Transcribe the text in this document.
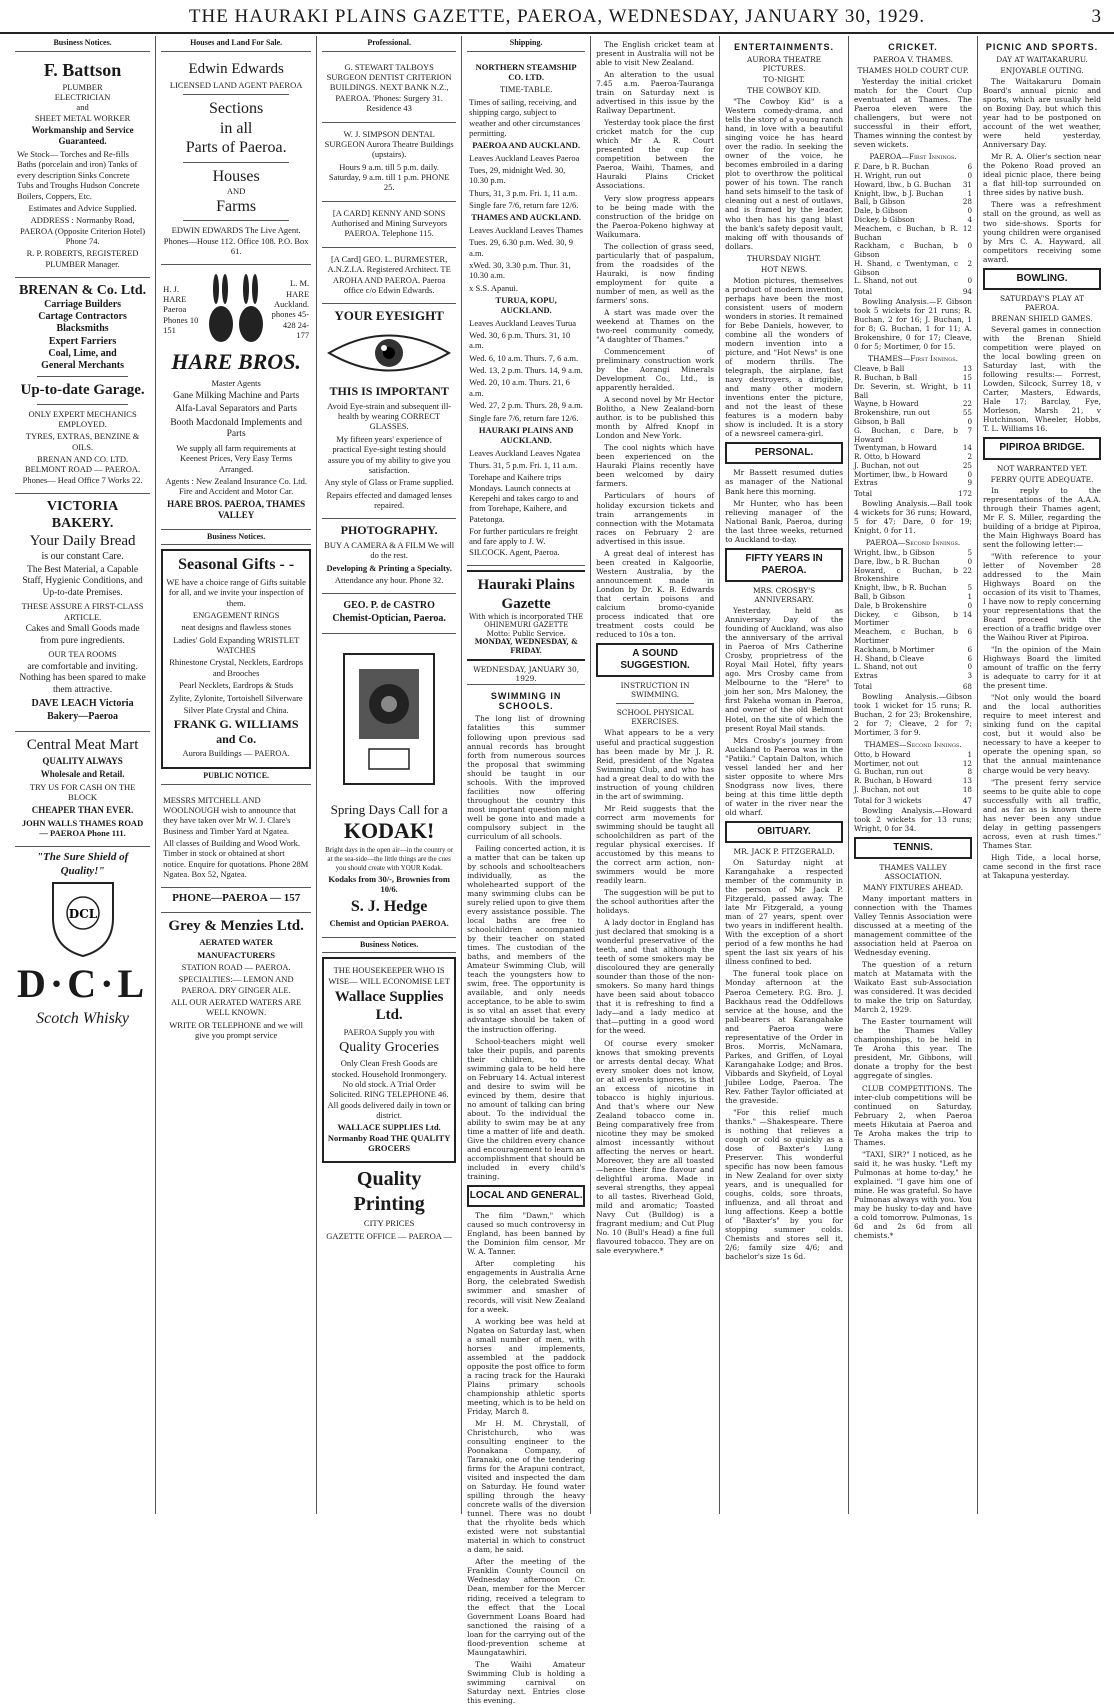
THE HAURAKI PLAINS GAZETTE, PAEROA, WEDNESDAY, JANUARY 30, 1929.	3
Business Notices.
F. Battson
PLUMBER
ELECTRICIAN
and
SHEET METAL WORKER

Workmanship and Service Guaranteed.

We Stock— Torches and Re-fills Baths (porcelain and iron) Tanks of every description Sinks Concrete Tubs and Troughs Hudson Concrete Boilers, Coppers, Etc.

Estimates and Advice Supplied.

ADDRESS : Normanby Road, PAEROA (Opposite Criterion Hotel) Phone 74.

R. P. ROBERTS, REGISTERED PLUMBER Manager.

BRENAN & Co. Ltd.
Carriage Builders
Cartage Contractors
Blacksmiths
Expert Farriers
Coal, Lime, and
General Merchants
Up-to-date Garage.

ONLY EXPERT MECHANICS EMPLOYED.

TYRES, EXTRAS, BENZINE & OILS.

BRENAN AND CO. LTD. BELMONT ROAD — PAEROA. Phones— Head Office 7 Works 22.

VICTORIA BAKERY.
Your Daily Bread
is our constant Care.

The Best Material, a Capable Staff, Hygienic Conditions, and Up-to-date Premises.

THESE ASSURE A FIRST-CLASS ARTICLE.

Cakes and Small Goods made from pure ingredients.

OUR TEA ROOMS

are comfortable and inviting. Nothing has been spared to make them attractive.

DAVE LEACH Victoria Bakery—Paeroa

Central Meat Mart

QUALITY ALWAYS

Wholesale and Retail.

TRY US FOR CASH ON THE BLOCK

CHEAPER THAN EVER.

JOHN WALLS THAMES ROAD — PAEROA Phone 111.

"The Sure Shield of Quality!"
DCL
D·C·L
Scotch Whisky
Houses and Land For Sale.
Edwin Edwards

LICENSED LAND AGENT PAEROA

Sections
in all
Parts of Paeroa.
Houses
AND
Farms

EDWIN EDWARDS The Live Agent. Phones—House 112. Office 108. P.O. Box 61.

H. J. HARE Paeroa Phones 10 151
L. M. HARE Auckland. phones 45-428 24-177
HARE BROS.

Master Agents

Gane Milking Machine and Parts

Alfa-Laval Separators and Parts

Booth Macdonald Implements and Parts

We supply all farm requirements at Keenest Prices, Very Easy Terms Arranged.

Agents : New Zealand Insurance Co. Ltd. Fire and Accident and Motor Car.

HARE BROS. PAEROA, THAMES VALLEY

Business Notices.
Seasonal Gifts - -

WE have a choice range of Gifts suitable for all, and we invite your inspection of them.

ENGAGEMENT RINGS

neat designs and flawless stones

Ladies' Gold Expanding WRISTLET WATCHES

Rhinestone Crystal, Necklets, Eardrops and Brooches

Pearl Necklets, Eardrops & Studs

Zylite, Zylonite, Tortoishell Silverware

Silver Plate Crystal and China.

FRANK G. WILLIAMS and Co.

Aurora Buildings — PAEROA.

PUBLIC NOTICE.

MESSRS MITCHELL AND WOOLNOUGH wish to announce that they have taken over Mr W. J. Clare's Business and Timber Yard at Ngatea.

All classes of Building and Wood Work. Timber in stock or obtained at short notice. Enquire for quotations. Phone 28M Ngatea. Box 52, Ngatea.

PHONE—PAEROA — 157
Grey & Menzies Ltd.

AERATED WATER

MANUFACTURERS

STATION ROAD — PAEROA.

SPECIALTIES:— LEMON AND PAEROA. DRY GINGER ALE.

ALL OUR AERATED WATERS ARE WELL KNOWN.

WRITE OR TELEPHONE and we will give you prompt service

Professional.

G. STEWART TALBOYS SURGEON DENTIST CRITERION BUILDINGS. NEXT BANK N.Z., PAEROA. 'Phones: Surgery 31. Residence 43

W. J. SIMPSON DENTAL SURGEON Aurora Theatre Buildings (upstairs).

Hours 9 a.m. till 5 p.m. daily. Saturday, 9 a.m. till 1 p.m. PHONE 25.

[A CARD] KENNY AND SONS Authorised and Mining Surveyors PAEROA. Telephone 115.

[A Card] GEO. L. BURMESTER, A.N.Z.I.A. Registered Architect. TE AROHA AND PAEROA. Paeroa office c/o Edwin Edwards.

YOUR EYESIGHT
THIS IS IMPORTANT

Avoid Eye-strain and subsequent ill-health by wearing CORRECT GLASSES.

My fifteen years' experience of practical Eye-sight testing should assure you of my ability to give you satisfaction.

Any style of Glass or Frame supplied.

Repairs effected and damaged lenses repaired.

PHOTOGRAPHY.

BUY A CAMERA & A FILM We will do the rest.

Developing & Printing a Specialty.

Attendance any hour. Phone 32.

GEO. P. de CASTRO Chemist-Optician, Paeroa.

Spring Days Call for a
KODAK!

Bright days in the open air—in the country or at the sea-side—the little things are the cues you should create with YOUR Kodak.

Kodaks from 30/-, Brownies from 10/6.

S. J. Hedge

Chemist and Optician PAEROA.

Business Notices.

THE HOUSEKEEPER WHO IS WISE— WILL ECONOMISE LET

Wallace Supplies Ltd.

PAEROA Supply you with

Quality Groceries

Only Clean Fresh Goods are stocked. Household Ironmongery. No old stock. A Trial Order Solicited. RING TELEPHONE 46. All goods delivered daily in town or district.

WALLACE SUPPLIES Ltd. Normanby Road THE QUALITY GROCERS

Quality Printing

CITY PRICES

GAZETTE OFFICE — PAEROA —

Shipping.

NORTHERN STEAMSHIP CO. LTD.

TIME-TABLE.

Times of sailing, receiving, and shipping cargo, subject to weather and other circumstances permitting.

PAEROA AND AUCKLAND.

Leaves Auckland Leaves Paeroa

Tues, 29, midnight Wed. 30, 10.30 p.m.

Thurs, 31, 3 p.m. Fri. 1, 11 a.m.

Single fare 7/6, return fare 12/6.

THAMES AND AUCKLAND.

Leaves Auckland Leaves Thames

Tues. 29, 6.30 p.m. Wed. 30, 9 a.m.

xWed. 30, 3.30 p.m. Thur. 31, 10.30 a.m.

x S.S. Apanui.

TURUA, KOPU, AUCKLAND.

Leaves Auckland Leaves Turua

Wed. 30, 6 p.m. Thurs. 31, 10 a.m.

Wed. 6, 10 a.m. Thurs. 7, 6 a.m.

Wed. 13, 2 p.m. Thurs. 14, 9 a.m.

Wed. 20, 10 a.m. Thurs. 21, 6 a.m.

Wed. 27, 2 p.m. Thurs. 28, 9 a.m.

Single fare 7/6, return fare 12/6.

HAURAKI PLAINS AND AUCKLAND.

Leaves Auckland Leaves Ngatea

Thurs. 31, 5 p.m. Fri. 1, 11 a.m.

Torehape and Kaihere trips Mondays. Launch connects at Kerepehi and takes cargo to and from Torehape, Kaihere, and Patetonga.

For further particulars re freight and fare apply to J. W. SILCOCK. Agent, Paeroa.

Hauraki Plains Gazette
With which is incorporated THE OHINEMURI GAZETTE
Motto: Public Service.
MONDAY, WEDNESDAY, & FRIDAY.
WEDNESDAY, JANUARY 30, 1929.
SWIMMING IN SCHOOLS.

The long list of drowning fatalities this summer following upon previous sad annual records has brought forth from numerous sources the proposal that swimming should be taught in our schools. With the improved facilities now offering throughout the country this most important question might well be gone into and made a compulsory subject in the curriculum of all schools.

Failing concerted action, it is a matter that can be taken up by schools and schoolteachers individually, as the wholehearted support of the many swimming clubs can be surely relied upon to give them every assistance possible. The local baths are free to schoolchildren accompanied by their teacher on stated times. The custodian of the baths, and members of the Amateur Swimming Club, will teach the youngsters how to swim, free. The opportunity is available, and only needs acceptance, to be able to swim is so vital an asset that every advantage should be taken of the instruction offering.

School-teachers might well take their pupils, and parents their children, to the swimming gala to be held here on February 14. Actual interest and desire to swim will be evinced by them, desire that no amount of talking can bring about. To the individual the ability to swim may be at any time a matter of life and death. Give the children every chance and encouragement to learn an accomplishment that should be included in every child's training.

LOCAL AND GENERAL.

The film "Dawn," which caused so much controversy in England, has been banned by the Dominion film censor, Mr W. A. Tanner.

After completing his engagements in Australia Arne Borg, the celebrated Swedish swimmer and smasher of records, will visit New Zealand for a week.

A working bee was held at Ngatea on Saturday last, when a small number of men, with horses and implements, assembled at the paddock opposite the post office to form a racing track for the Hauraki Plains primary schools championship athletic sports meeting, which is to be held on Friday, March 8.

Mr H. M. Chrystall, of Christchurch, who was consulting engineer to the Poonakana Company, of Taranaki, one of the tendering firms for the Arapuni contract, visited and inspected the dam on Saturday. He found water spilling through the heavy concrete walls of the diversion tunnel. There was no doubt that the rhyolite beds which existed were not substantial material in which to construct a dam, he said.

After the meeting of the Franklin County Council on Wednesday afternoon Cr. Dean, member for the Mercer riding, received a telegram to the effect that the Local Government Loans Board had sanctioned the raising of a loan for the carrying out of the flood-prevention scheme at Maungatawhiri.

The Waihi Amateur Swimming Club is holding a swimming carnival on Saturday next. Entries close this evening.

The English cricket team at present in Australia will not be able to visit New Zealand.

An alteration to the usual 7.45 a.m. Paeroa-Tauranga train on Saturday next is advertised in this issue by the Railway Department.

Yesterday took place the first cricket match for the cup which Mr A. R. Court presented the cup for competition between the Paeroa, Waihi, Thames, and Hauraki Plains Cricket Associations.

Very slow progress appears to be being made with the construction of the bridge on the Paeroa-Pokeno highway at Waikumara.

The collection of grass seed, particularly that of paspalum, from the roadsides of the Hauraki, is now finding employment for quite a number of men, as well as the farmers' sons.

A start was made over the weekend at Thames on the two-reel community comedy, "A daughter of Thames."

Commencement of preliminary construction work by the Aorangi Minerals Development Co., Ltd., is apparently heralded.

A second novel by Mr Hector Bolitho, a New Zealand-born author, is to be published this month by Alfred Knopf in London and New York.

The cool nights which have been experienced on the Hauraki Plains recently have been welcomed by dairy farmers.

Particulars of hours of holiday excursion tickets and train arrangements in connection with the Motamata races on February 2 are advertised in this issue.

A great deal of interest has been created in Kalgoorlie, Western Australia, by the announcement made in London by Dr. K. B. Edwards that certain poisons and calcium bromo-cyanide process indicated that ore treatment costs could be reduced to 10s a ton.

A SOUND SUGGESTION.
INSTRUCTION IN SWIMMING.
SCHOOL PHYSICAL EXERCISES.

What appears to be a very useful and practical suggestion has been made by Mr J. R. Reid, president of the Ngatea Swimming Club, and who has had a great deal to do with the instruction of young children in the art of swimming.

Mr Reid suggests that the correct arm movements for swimming should be taught all schoolchildren as part of the regular physical exercises. If accustomed by this means to the correct arm action, non-swimmers would be more readily learn.

The suggestion will be put to the school authorities after the holidays.

A lady doctor in England has just declared that smoking is a wonderful preservative of the teeth, and that although the teeth of some smokers may be discoloured they are generally sounder than those of the non-smokers. So many hard things have been said about tobacco that it is refreshing to find a lady—and a lady medico at that—putting in a good word for the weed.

Of course every smoker knows that smoking prevents or arrests dental decay. What every smoker does not know, or at all events ignores, is that an excess of nicotine in tobacco is highly injurious. And that's where our New Zealand tobacco come in. Being comparatively free from nicotine they may be smoked almost incessantly without affecting the nerves or heart. Moreover, they are all toasted—hence their fine flavour and delightful aroma. Made in several strengths, they appeal to all tastes. Riverhead Gold, mild and aromatic; Toasted Navy Cut (Bulldog) is a fragrant medium; and Cut Plug No. 10 (Bull's Head) a fine full flavoured tobacco. They are on sale everywhere.*

ENTERTAINMENTS.
AURORA THEATRE PICTURES.
TO-NIGHT.
THE COWBOY KID.

"The Cowboy Kid" is a Western comedy-drama, and tells the story of a young ranch hand, in love with a beautiful singing voice he has heard over the radio. In seeking the owner of the voice, he becomes embroiled in a daring plot to overthrow the political power of his town. The ranch hand sets himself to the task of cleaning out a nest of outlaws, and is framed by the leader, who then has his gang blast the bank's safety deposit vault, making off with thousands of dollars.

THURSDAY NIGHT.
HOT NEWS.

Motion pictures, themselves a product of modern invention, perhaps have been the most consistent users of modern wonders in stories. It remained for Bebe Daniels, however, to combine all the wonders of modern invention into a picture, and "Hot News" is one of modern thrills. The telegraph, the airplane, fast navy destroyers, a dirigible, and many other modern inventions enter the picture, and not the least of these features is a modern baby show is included. It is a story of a newsreel camera-girl.

PERSONAL.

Mr Bassett resumed duties as manager of the National Bank here this morning.

Mr Hunter, who has been relieving manager of the National Bank, Paeroa, during the last three weeks, returned to Auckland to-day.

FIFTY YEARS IN PAEROA.
MRS. CROSBY'S ANNIVERSARY.

Yesterday, held as Anniversary Day of the founding of Auckland, was also the anniversary of the arrival in Paeroa of Mrs Catherine Crosby, proprietress of the Royal Mail Hotel, fifty years ago. Mrs Crosby came from Melbourne to the "Here" to join her son, Mrs Maloney, the first Pakeha woman in Paeroa, and owner of the old Belmont Hotel, on the site of which the present Royal Mail stands.

Mrs Crosby's journey from Auckland to Paeroa was in the "Patiki." Captain Dalton, which vessel landed her and her sister opposite to where Mrs Snodgrass now lives, there being at this time little depth of water in the river near the old wharf.

OBITUARY.
MR. JACK P. FITZGERALD.

On Saturday night at Karangahake a respected member of the community in the person of Mr Jack P. Fitzgerald, passed away. The late Mr Fitzgerald, a young man of 27 years, spent over two years in indifferent health. With the exception of a short period of a few months he had spent the last six years of his illness confined to bed.

The funeral took place on Monday afternoon at the Paeroa Cemetery. P.G. Bro. J. Backhaus read the Oddfellows service at the house, and the pall-bearers at Karangahake and Paeroa were representative of the Order in Bros. Morris, McNamara, Parkes, and Griffen, of Loyal Karangahake Lodge; and Bros. Vibbards and Skyfield, of Loyal Jubilee Lodge, Paeroa. The Rev. Father Taylor officiated at the graveside.

"For this relief much thanks." —Shakespeare. There is nothing that relieves a cough or cold so quickly as a dose of Baxter's Lung Preserver. This wonderful specific has now been famous in New Zealand for over sixty years, and is unequalled for coughs, colds, sore throats, influenza, and all throat and lung affections. Keep a bottle of "Baxter's" by you for stopping summer colds. Chemists and stores sell it, 2/6; family size 4/6; and bachelor's size 1s 6d.

CRICKET.
PAEROA V. THAMES.
THAMES HOLD COURT CUP.

Yesterday the initial cricket match for the Court Cup eventuated at Thames. The Paeroa eleven were the challengers, but were not successful in their effort, Thames winning the contest by seven wickets.

PAEROA—First Innings.
F. Dare, b R. Buchan	6
H. Wright, run out	0
Howard, lbw., b G. Buchan	31
Knight, lbw., b J. Buchan	1
Ball, b Gibson	28
Dale, b Gibson	0
Dickey, b Gibson	4
Meachem, c Buchan, b R. Buchan
12
Rackham, c Buchan, b Gibson
0
H. Shand, c Twentyman, c Gibson
2
L. Shand, not out	0
Total	94

Bowling Analysis.—F. Gibson took 5 wickets for 21 runs; R. Buchan, 2 for 16; J. Buchan, 1 for 8; G. Buchan, 1 for 11; A. Brokenshire, 0 for 17; Cleave, 0 for 5; Mortimer, 0 for 15.

THAMES—First Innings.
Cleave, b Ball	13
R. Buchan, b Ball	15
Dr. Severin, st. Wright, b Ball
11
Wayne, b Howard	22
Brokenshire, run out	55
Gibson, b Ball	0
G. Buchan, c Dare, b Howard
7
Twentyman, b Howard	14
R. Otto, b Howard	2
J. Buchan, not out	25
Mortimer, lbw., b Howard	0
Extras	9
Total	172

Bowling Analysis.—Ball took 4 wickets for 36 runs; Howard, 5 for 47; Dare, 0 for 19; Knight, 0 for 11.

PAEROA—Second Innings.
Wright, lbw., b Gibson	5
Dare, lbw., b R. Buchan	0
Howard, c Buchan, b Brokenshire
22
Knight, lbw., b R. Buchan	5
Ball, b Gibson	1
Dale, b Brokenshire	0
Dickey, c Gibson, b Mortimer
14
Meachem, c Buchan, b Mortimer
6
Rackham, b Mortimer	6
H. Shand, b Cleave	6
L. Shand, not out	0
Extras	3
Total	68

Bowling Analysis.—Gibson took 1 wicket for 15 runs; R. Buchan, 2 for 23; Brokenshire, 2 for 7; Cleave, 2 for 7; Mortimer, 3 for 9.

THAMES—Second Innings.
Otto, b Howard	1
Mortimer, not out	12
G. Buchan, run out	8
R. Buchan, b Howard	13
J. Buchan, not out	18
Total for 3 wickets	47

Bowling Analysis.—Howard took 2 wickets for 13 runs; Wright, 0 for 34.

TENNIS.
THAMES VALLEY ASSOCIATION.
MANY FIXTURES AHEAD.

Many important matters in connection with the Thames Valley Tennis Association were discussed at a meeting of the management committee of the association held at Paeroa on Wednesday evening.

The question of a return match at Matamata with the Waikato East sub-Association was considered. It was decided to make the trip on Saturday, March 2, 1929.

The Easter tournament will be the Thames Valley championships, to be held in Te Aroha this year. The president, Mr. Gibbons, will donate a trophy for the best aggregate of singles.

CLUB COMPETITIONS. The inter-club competitions will be continued on Saturday, February 2, when Paeroa meets Hikutaia at Paeroa and Te Aroha makes the trip to Thames.

"TAXI, SIR?" I noticed, as he said it, he was husky. "Left my Pulmonas at home to-day," he explained. "I gave him one of mine. He was grateful. So have Pulmonas always with you. You may be husky to-day and have a cold tomorrow. Pulmonas, 1s 6d and 2s 6d from all chemists.*

PICNIC AND SPORTS.
DAY AT WAITAKARURU.
ENJOYABLE OUTING.

The Waitakaruru Domain Board's annual picnic and sports, which are usually held on Boxing Day, but which this year had to be postponed on account of the wet weather, were held yesterday, Anniversary Day.

Mr R. A. Olier's section near the Pokeno Road proved an ideal picnic place, there being a flat hill-top surrounded on three sides by native bush.

There was a refreshment stall on the ground, as well as two side-shows. Sports for young children were organised by Mrs C. A. Hayward, all competitors receiving some award.

BOWLING.
SATURDAY'S PLAY AT PAEROA.
BRENAN SHIELD GAMES.

Several games in connection with the Brenan Shield competition were played on the local bowling green on Saturday last, with the following results:— Forrest, Lowden, Silcock, Surrey 18, v Carter, Masters, Edwards, Hale 17; Barclay, Fye, Morleson, Marsh 21, v Hutchinson, Wheeler, Hobbs, T. L. Williams 16.

PIPIROA BRIDGE.
NOT WARRANTED YET.
FERRY QUITE ADEQUATE.

In reply to the representations of the A.A.A. through their Thames agent, Mr F. S. Miller, regarding the building of a bridge at Pipiroa, the Main Highways Board has sent the following letter:—

"With reference to your letter of November 28 addressed to the Main Highways Board on the occasion of its visit to Thames, I have now to reply concerning your representations that the Board proceed with the erection of a traffic bridge over the Waihou River at Pipiroa.

"In the opinion of the Main Highways Board the limited amount of traffic on the ferry is adequate to carry for it at the present time.

"Not only would the board and the local authorities require to meet interest and sinking fund on the capital cost, but it would also be necessary to have a keeper to operate the opening span, so that the annual maintenance charge would be very heavy.

"The present ferry service seems to be quite able to cope successfully with all traffic, and as far as is known there has never been any undue delay in getting passengers across, even at rush times." Thames Star.

High Tide, a local horse, came second in the first race at Takapuna yesterday.
